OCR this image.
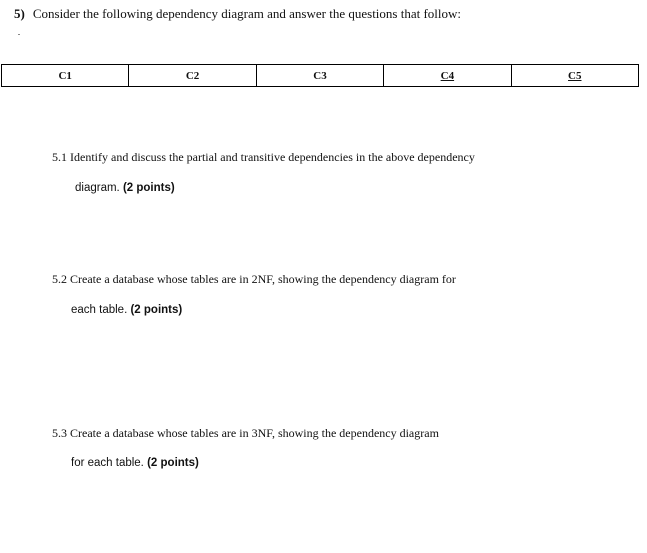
5) Consider the following dependency diagram and answer the questions that follow:
C1	C2	C3	C4	C5
5.1 Identify and discuss the partial and transitive dependencies in the above dependency
diagram. (2 points)
5.2 Create a database whose tables are in 2NF, showing the dependency diagram for
each table. (2 points)
5.3 Create a database whose tables are in 3NF, showing the dependency diagram
for each table. (2 points)
